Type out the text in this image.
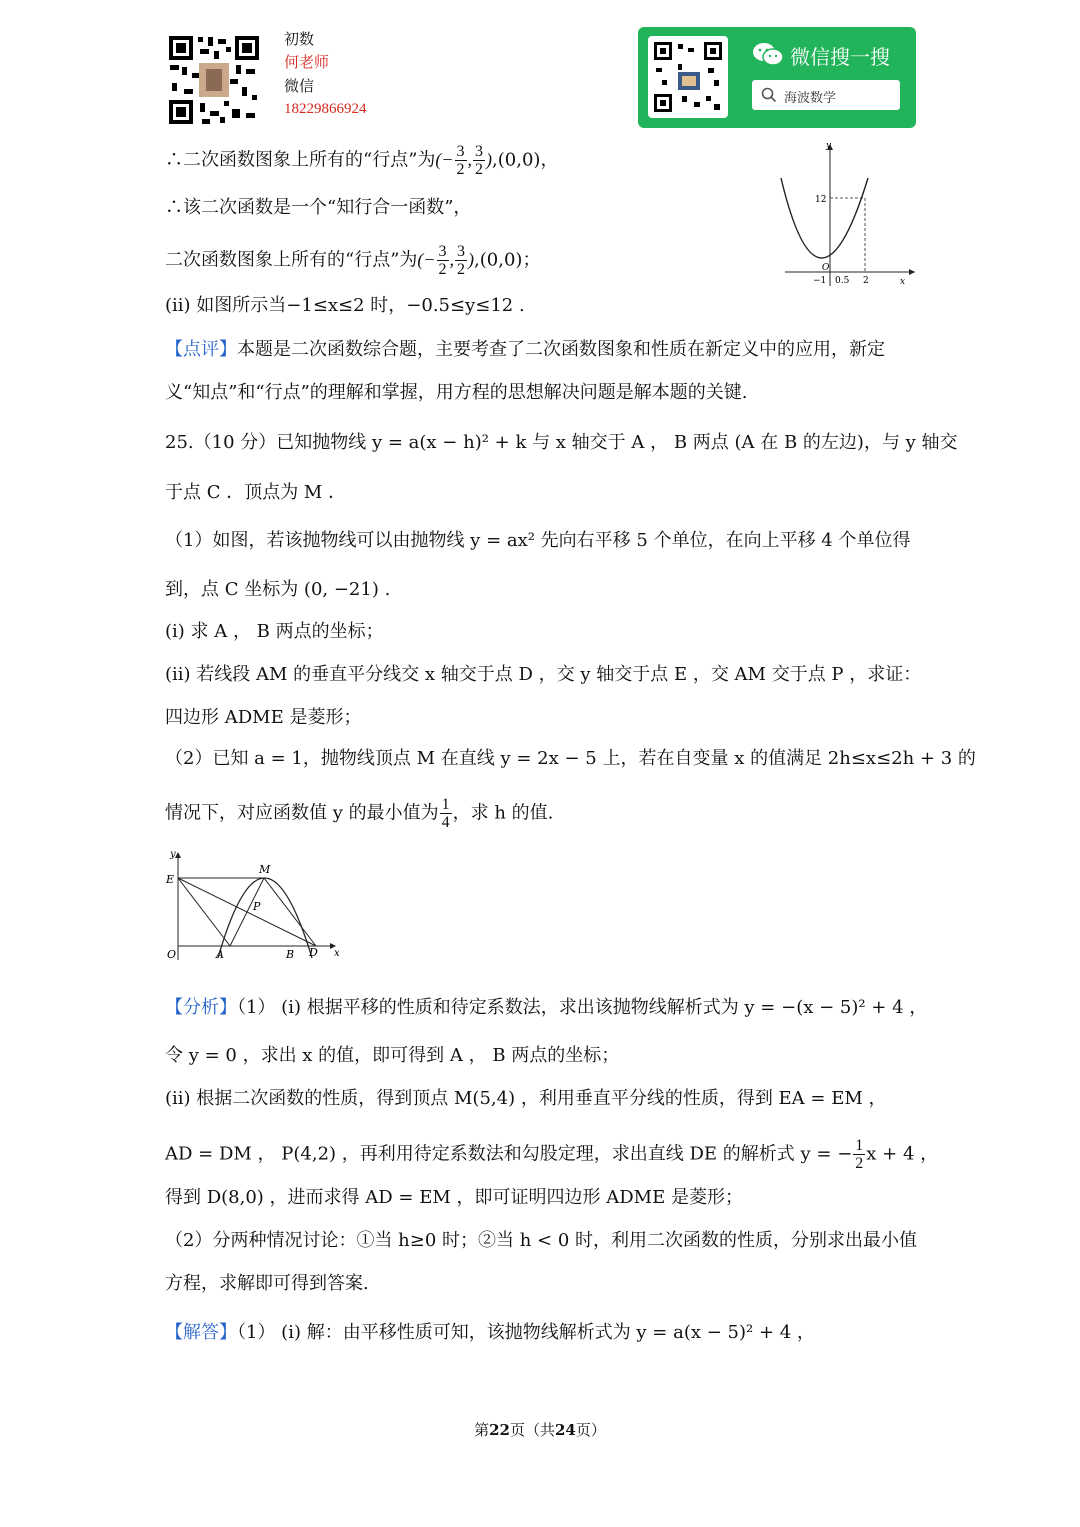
初数
何老师
微信
18229866924
微信搜一搜
海波数学
∴二次函数图象上所有的“行点”为(− $\frac{3}{2}$ , $\frac{3}{2} ),(0,0)$，
∴该二次函数是一个“知行合一函数”，
二次函数图象上所有的“行点”为(− $\frac{3}{2}$ , $\frac{3}{2} ),(0,0)$；
(ii) 如图所示当−1≤x≤2 时，−0.5≤y≤12 .
y
x
12
O
−1 0.5 2
【点评】本题是二次函数综合题，主要考查了二次函数图象和性质在新定义中的应用，新定
义“知点”和“行点”的理解和掌握，用方程的思想解决问题是解本题的关键.
25.（10 分）已知抛物线 y = a(x − h)² + k 与 x 轴交于 A ， B 两点 (A 在 B 的左边)，与 y 轴交
于点 C ．顶点为 M ．
（1）如图，若该抛物线可以由抛物线 y = ax² 先向右平移 5 个单位，在向上平移 4 个单位得
到，点 C 坐标为 (0, −21) .
(i) 求 A ， B 两点的坐标；
(ii) 若线段 AM 的垂直平分线交 x 轴交于点 D ，交 y 轴交于点 E ，交 AM 交于点 P ，求证：
四边形 ADME 是菱形；
（2）已知 a = 1，抛物线顶点 M 在直线 y = 2x − 5 上，若在自变量 x 的值满足 2h≤x≤2h + 3 的
情况下，对应函数值 y 的最小值为 $\frac{1}{4}$ ，求 h 的值.
y
x
E
M
P
O	A	B D
【分析】（1） (i) 根据平移的性质和待定系数法，求出该抛物线解析式为 y = −(x − 5)² + 4 ，
令 y = 0 ，求出 x 的值，即可得到 A ， B 两点的坐标；
(ii) 根据二次函数的性质，得到顶点 M(5,4) ，利用垂直平分线的性质，得到 EA = EM ，
AD = DM ， P(4,2) ，再利用待定系数法和勾股定理，求出直线 DE 的解析式 y = − $\frac{1}{2}$ x + 4 ，
得到 D(8,0) ，进而求得 AD = EM ，即可证明四边形 ADME 是菱形；
（2）分两种情况讨论：①当 h≥0 时；②当 h < 0 时，利用二次函数的性质，分别求出最小值
方程，求解即可得到答案.
【解答】（1） (i) 解：由平移性质可知，该抛物线解析式为 y = a(x − 5)² + 4 ，
第22页（共24页）
